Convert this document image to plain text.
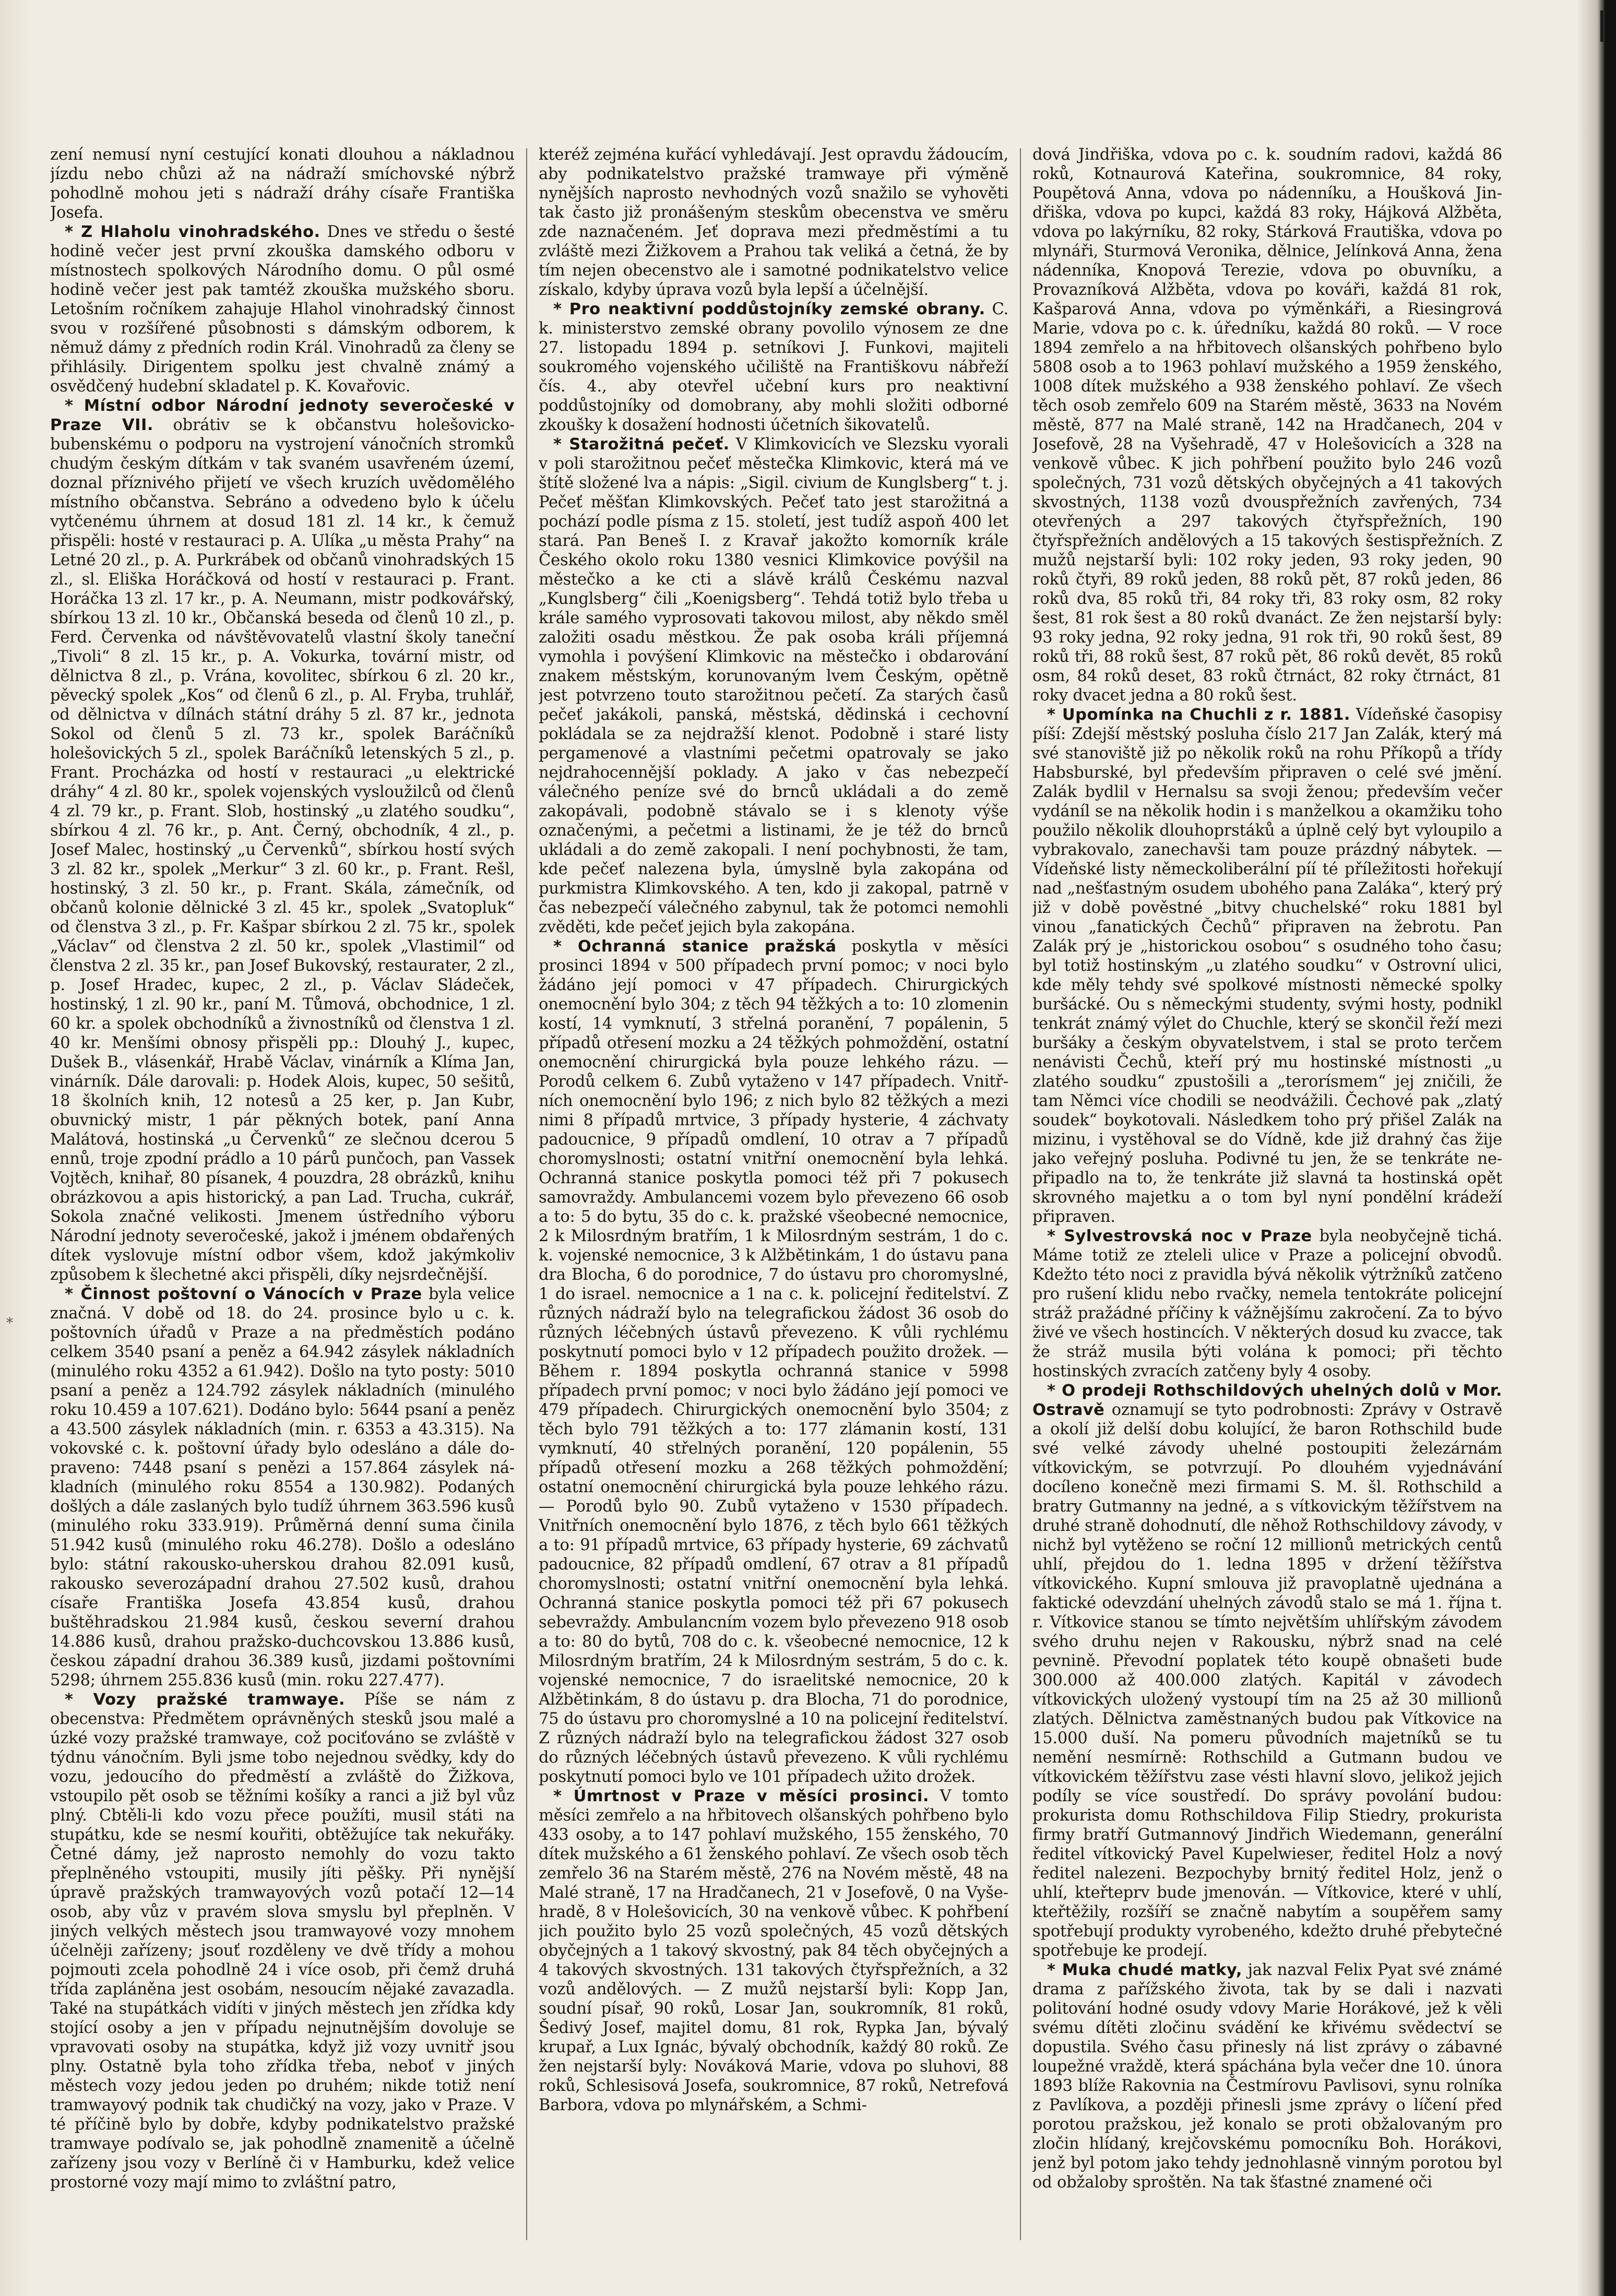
*

zení nemusí nyní cestující konati dlouhou a nákladnou jízdu nebo chůzi až na nádraží smíchovské nýbrž pohodlně mohou jeti s nádraží dráhy císaře Františka Josefa.

* Z Hlaholu vinohradského. Dnes ve středu o šesté hodině večer jest první zkouška damského odboru v místnostech spolkových Národního domu. O půl osmé hodině večer jest pak tamtéž zkouška mužského sboru. Letošním ročníkem zahajuje Hlahol vinohradský činnost svou v rozšířené působnosti s dámským odborem, k němuž dámy z předních rodin Král. Vinohradů za členy se přihlásily. Dirigentem spolku jest chvalně známý a osvědčený hudební skladatel p. K. Kovařovic.

* Místní odbor Národní jednoty severočeské v Praze VII. obrátiv se k občanstvu holešovicko-bubenskému o podporu na vystrojení vánočních stromků chudým českým dítkám v tak svaném usavřeném území, doznal příznivého přijetí ve všech kruzích uvědomělého místního občanstva. Sebráno a odvedeno bylo k účelu vytčenému úhrnem at dosud 181 zl. 14 kr., k čemuž přispěli: hosté v restauraci p. A. Ulíka „u města Prahy“ na Letné 20 zl., p. A. Purkrábek od občanů vinohradských 15 zl., sl. Eliška Horáčková od hostí v restauraci p. Frant. Horáčka 13 zl. 17 kr., p. A. Neumann, mistr podkovářský, sbírkou 13 zl. 10 kr., Občanská beseda od členů 10 zl., p. Ferd. Červenka od návštěvovatelů vlastní školy taneční „Tivoli“ 8 zl. 15 kr., p. A. Vokurka, tovární mistr, od dělnictva 8 zl., p. Vrána, kovolitec, sbírkou 6 zl. 20 kr., pěvecký spolek „Kos“ od členů 6 zl., p. Al. Fryba, truhlář, od dělnictva v dílnách státní dráhy 5 zl. 87 kr., jednota Sokol od členů 5 zl. 73 kr., spolek Baráčníků holešovických 5 zl., spolek Baráčníků letenských 5 zl., p. Frant. Procházka od hostí v restauraci „u elektrické dráhy“ 4 zl. 80 kr., spolek vojenských vysloužilců od členů 4 zl. 79 kr., p. Frant. Slob, hostinský „u zlatého soudku“, sbírkou 4 zl. 76 kr., p. Ant. Černý, obchodník, 4 zl., p. Josef Malec, hostinský „u Červenků“, sbírkou hostí svých 3 zl. 82 kr., spolek „Merkur“ 3 zl. 60 kr., p. Frant. Rešl, hostinský, 3 zl. 50 kr., p. Frant. Skála, zámečník, od občanů kolonie dělnické 3 zl. 45 kr., spolek „Svatopluk“ od členstva 3 zl., p. Fr. Kašpar sbírkou 2 zl. 75 kr., spolek „Václav“ od členstva 2 zl. 50 kr., spolek „Vlastimil“ od členstva 2 zl. 35 kr., pan Josef Bukovský, restaurater, 2 zl., p. Josef Hradec, kupec, 2 zl., p. Václav Sládeček, hostinský, 1 zl. 90 kr., paní M. Tůmová, obchodnice, 1 zl. 60 kr. a spolek obchodníků a živnostníků od členstva 1 zl. 40 kr. Menšími obnosy přispěli pp.: Dlouhý J., kupec, Dušek B., vlásenkář, Hrabě Václav, vinárník a Klíma Jan, vinárník. Dále darovali: p. Hodek Alois, kupec, 50 sešitů, 18 školních knih, 12 notesů a 25 ker, p. Jan Kubr, obuvnický mistr, 1 pár pěkných botek, paní Anna Malátová, hostinská „u Červenků“ ze slečnou dcerou 5 ennů, troje zpodní prádlo a 10 párů punčoch, pan Vassek Vojtěch, knihař, 80 písanek, 4 pouzdra, 28 obrázků, knihu obrázkovou a apis historický, a pan Lad. Trucha, cukrář, Sokola značné velikosti. Jmenem ústředního výboru Národní jednoty severočeské, jakož i jménem obdařených dítek vyslovuje místní odbor všem, kdož jakýmkoliv způsobem k šlechetné akci přispěli, díky nejsrdečnější.

* Činnost poštovní o Vánocích v Praze byla velice značná. V době od 18. do 24. prosince bylo u c. k. poštovních úřadů v Praze a na předměstích podáno celkem 3540 psaní a peněz a 64.942 zásylek nákladních (minulého roku 4352 a 61.942). Došlo na tyto posty: 5010 psaní a peněz a 124.792 zásylek nákladních (minulého roku 10.459 a 107.621). Dodáno bylo: 5644 psaní a peněz a 43.500 zásylek nákladních (min. r. 6353 a 43.315). Na vokovské c. k. poštovní úřady bylo odesláno a dále dopraveno: 7448 psaní s penězi a 157.864 zásylek nákladních (minulého roku 8554 a 130.982). Podaných došlých a dále zaslaných bylo tudíž úhrnem 363.596 kusů (minulého roku 333.919). Průměrná denní suma činila 51.942 kusů (minulého roku 46.278). Došlo a odesláno bylo: státní rakousko-uherskou drahou 82.091 kusů, rakousko severozápadní drahou 27.502 kusů, drahou císaře Františka Josefa 43.854 kusů, drahou buštěhradskou 21.984 kusů, českou severní drahou 14.886 kusů, drahou pražsko-duchcovskou 13.886 kusů, českou západní drahou 36.389 kusů, jizdami poštovními 5298; úhrnem 255.836 kusů (min. roku 227.477).

* Vozy pražské tramwaye. Píše se nám z obecenstva: Předmětem oprávněných stesků jsou malé a úzké vozy pražské tramwaye, což pociťováno se zvláště v týdnu vánočním. Byli jsme tobo nejednou svědky, kdy do vozu, jedoucího do předměstí a zvláště do Žižkova, vstoupilo pět osob se těžními košíky a ranci a již byl vůz plný. Cbtěli-li kdo vozu přece použíti, musil státi na stupátku, kde se nesmí kouřiti, obtěžujíce tak nekuřáky. Četné dámy, jež naprosto nemohly do vozu takto přeplněného vstoupiti, musily jíti pěšky. Při nynější úpravě pražských tramwayových vozů potačí 12—14 osob, aby vůz v pravém slova smyslu byl přeplněn. V jiných velkých městech jsou tramwayové vozy mnohem účelněji zařízeny; jsouť rozděleny ve dvě třídy a mohou pojmouti zcela pohodlně 24 i více osob, při čemž druhá třída zapláněna jest osobám, nesoucím nějaké zavazadla. Také na stupátkách vidíti v jiných městech jen zřídka kdy stojící osoby a jen v případu nejnutnějším dovoluje se vpravovati osoby na stupátka, když již vozy uvnitř jsou plny. Ostatně byla toho zřídka třeba, neboť v jiných městech vozy jedou jeden po druhém; nikde totiž není tramwayový podnik tak chudičký na vozy, jako v Praze. V té příčině bylo by dobře, kdyby podnikatelstvo pražské tramwaye podívalo se, jak pohodlně znamenitě a účelně zařízeny jsou vozy v Berlíně či v Hamburku, kdež velice prostorné vozy mají mimo to zvláštní patro,

kteréž zejména kuřácí vyhledávají. Jest opravdu žádoucím, aby podnikatelstvo pražské tramwaye při výměně nynějších naprosto nevhodných vozů snažilo se vyhověti tak často již pronášeným steskům obecenstva ve směru zde naznačeném. Jeť doprava mezi předměstími a tu zvláště mezi Žižkovem a Prahou tak veliká a četná, že by tím nejen obecenstvo ale i samotné podnikatelstvo velice získalo, kdyby úprava vozů byla lepší a účelnější.

* Pro neaktivní poddůstojníky zemské obrany. C. k. ministerstvo zemské obrany povolilo výnosem ze dne 27. listopadu 1894 p. setníkovi J. Funkovi, majiteli soukromého vojenského učiliště na Františkovu nábřeží čís. 4., aby otevřel učební kurs pro neaktivní poddůstojníky od domobrany, aby mohli složiti odborné zkoušky k dosažení hodnosti účetních šikovatelů.

* Starožitná pečeť. V Klimkovicích ve Slezsku vyorali v poli starožitnou pečeť městečka Klimkovic, která má ve štítě složené lva a nápis: „Sigil. civium de Kunglsberg“ t. j. Pečeť měšťan Klimkovských. Pečeť tato jest starožitná a pochází podle písma z 15. století, jest tudíž aspoň 400 let stará. Pan Beneš I. z Kravař jakožto komorník krále Českého okolo roku 1380 vesnici Klimkovice povýšil na městečko a ke cti a slávě králů Českému nazval „Kunglsberg“ čili „Koenigsberg“. Tehdá totiž bylo třeba u krále samého vyprosovati takovou milost, aby někdo směl založiti osadu městkou. Že pak osoba králi příjemná vymohla i povýšení Klimkovic na městečko i obdarování znakem městským, korunovaným lvem Českým, opětně jest potvrzeno touto starožitnou pečetí. Za starých časů pečeť jakákoli, panská, městská, dědinská i cechovní pokládala se za nejdražší klenot. Podobně i staré listy pergamenové a vlastními pečetmi opatrovaly se jako nejdrahocennější poklady. A jako v čas nebezpečí válečného peníze své do brnců ukládali a do země zakopávali, podobně stávalo se i s klenoty výše označenými, a pečetmi a listinami, že je též do brnců ukládali a do země zakopali. I není pochybnosti, že tam, kde pečeť nalezena byla, úmyslně byla zakopána od purkmistra Klimkovského. A ten, kdo ji zakopal, patrně v čas nebezpečí válečného zabynul, tak že potomci nemohli zvěděti, kde pečeť jejich byla zakopána.

* Ochranná stanice pražská poskytla v měsíci prosinci 1894 v 500 případech první pomoc; v noci bylo žádáno její pomoci v 47 případech. Chirurgických onemocnění bylo 304; z těch 94 těžkých a to: 10 zlomenin kostí, 14 vymknutí, 3 střelná poranění, 7 popálenin, 5 případů otřesení mozku a 24 těžkých pohmoždění, ostatní onemocnění chirurgická byla pouze lehkého rázu. — Porodů celkem 6. Zubů vytaženo v 147 případech. Vnitřních onemocnění bylo 196; z nich bylo 82 těžkých a mezi nimi 8 případů mrtvice, 3 případy hysterie, 4 záchvaty padoucnice, 9 případů omdlení, 10 otrav a 7 případů choromyslnosti; ostatní vnitřní onemocnění byla lehká. Ochranná stanice poskytla pomoci též při 7 pokusech samovraždy. Ambulancemi vozem bylo převezeno 66 osob a to: 5 do bytu, 35 do c. k. pražské všeobecné nemocnice, 2 k Milosrdným bratřím, 1 k Milosrdným sestrám, 1 do c. k. vojenské nemocnice, 3 k Alžbětinkám, 1 do ústavu pana dra Blocha, 6 do porodnice, 7 do ústavu pro choromyslné, 1 do israel. nemocnice a 1 na c. k. policejní ředitelství. Z různých nádraží bylo na telegrafickou žádost 36 osob do různých léčebných ústavů převezeno. K vůli rychlému poskytnutí pomoci bylo v 12 případech použito drožek. — Během r. 1894 poskytla ochranná stanice v 5998 případech první pomoc; v noci bylo žádáno její pomoci ve 479 případech. Chirurgických onemocnění bylo 3504; z těch bylo 791 těžkých a to: 177 zlámanin kostí, 131 vymknutí, 40 střelných poranění, 120 popálenin, 55 případů otřesení mozku a 268 těžkých pohmoždění; ostatní onemocnění chirurgická byla pouze lehkého rázu. — Porodů bylo 90. Zubů vytaženo v 1530 případech. Vnitřních onemocnění bylo 1876, z těch bylo 661 těžkých a to: 91 případů mrtvice, 63 případy hysterie, 69 záchvatů padoucnice, 82 případů omdlení, 67 otrav a 81 případů choromyslnosti; ostatní vnitřní onemocnění byla lehká. Ochranná stanice poskytla pomoci též při 67 pokusech sebevraždy. Ambulancním vozem bylo převezeno 918 osob a to: 80 do bytů, 708 do c. k. všeobecné nemocnice, 12 k Milosrdným bratřím, 24 k Milosrdným sestrám, 5 do c. k. vojenské nemocnice, 7 do israelitské nemocnice, 20 k Alžbětinkám, 8 do ústavu p. dra Blocha, 71 do porodnice, 75 do ústavu pro choromyslné a 10 na policejní ředitelství. Z různých nádraží bylo na telegrafickou žádost 327 osob do různých léčebných ústavů převezeno. K vůli rychlému poskytnutí pomoci bylo ve 101 případech užito drožek.

* Úmrtnost v Praze v měsíci prosinci. V tomto měsíci zemřelo a na hřbitovech olšanských pohřbeno bylo 433 osoby, a to 147 pohlaví mužského, 155 ženského, 70 dítek mužského a 61 ženského pohlaví. Ze všech osob těch zemřelo 36 na Starém městě, 276 na Novém městě, 48 na Malé straně, 17 na Hradčanech, 21 v Josefově, 0 na Vyšehradě, 8 v Holešovicích, 30 na venkově vůbec. K pohřbení jich použito bylo 25 vozů společných, 45 vozů dětských obyčejných a 1 takový skvostný, pak 84 těch obyčejných a 4 takových skvostných. 131 takových čtyřspřežních, a 32 vozů andělových. — Z mužů nejstarší byli: Kopp Jan, soudní písař, 90 roků, Losar Jan, soukromník, 81 roků, Šedivý Josef, majitel domu, 81 rok, Rypka Jan, bývalý krupař, a Lux Ignác, bývalý obchodník, každý 80 roků. Ze žen nejstarší byly: Nováková Marie, vdova po sluhovi, 88 roků, Schlesisová Josefa, soukromnice, 87 roků, Netrefová Barbora, vdova po mlynářském, a Schmi-

dová Jindřiška, vdova po c. k. soudním radovi, každá 86 roků, Kotnaurová Kateřina, soukromnice, 84 roky, Poupětová Anna, vdova po nádenníku, a Houšková Jindřiška, vdova po kupci, každá 83 roky, Hájková Alžběta, vdova po lakýrníku, 82 roky, Stárková Frautiška, vdova po mlynáři, Sturmová Veronika, dělnice, Jelínková Anna, žena nádenníka, Knopová Terezie, vdova po obuvníku, a Provazníková Alžběta, vdova po kováři, každá 81 rok, Kašparová Anna, vdova po výměnkáři, a Riesingrová Marie, vdova po c. k. úředníku, každá 80 roků. — V roce 1894 zemřelo a na hřbitovech olšanských pohřbeno bylo 5808 osob a to 1963 pohlaví mužského a 1959 ženského, 1008 dítek mužského a 938 ženského pohlaví. Ze všech těch osob zemřelo 609 na Starém městě, 3633 na Novém městě, 877 na Malé straně, 142 na Hradčanech, 204 v Josefově, 28 na Vyšehradě, 47 v Holešovicích a 328 na venkově vůbec. K jich pohřbení použito bylo 246 vozů společných, 731 vozů dětských obyčejných a 41 takových skvostných, 1138 vozů dvouspřežních zavřených, 734 otevřených a 297 takových čtyřspřežních, 190 čtyřspřežních andělových a 15 takových šestispřežních. Z mužů nejstarší byli: 102 roky jeden, 93 roky jeden, 90 roků čtyři, 89 roků jeden, 88 roků pět, 87 roků jeden, 86 roků dva, 85 roků tři, 84 roky tři, 83 roky osm, 82 roky šest, 81 rok šest a 80 roků dvanáct. Ze žen nejstarší byly: 93 roky jedna, 92 roky jedna, 91 rok tři, 90 roků šest, 89 roků tři, 88 roků šest, 87 roků pět, 86 roků devět, 85 roků osm, 84 roků deset, 83 roků čtrnáct, 82 roky čtrnáct, 81 roky dvacet jedna a 80 roků šest.

* Upomínka na Chuchli z r. 1881. Vídeňské časopisy píší: Zdejší městský posluha číslo 217 Jan Zalák, který má své stanoviště již po několik roků na rohu Příkopů a třídy Habsburské, byl především připraven o celé své jmění. Zalák bydlil v Hernalsu sa svoji ženou; především večer vydáníl se na několik hodin i s manželkou a okamžiku toho použilo několik dlouhoprstáků a úplně celý byt vyloupilo a vybrakovalo, zanechavši tam pouze prázdný nábytek. — Vídeňské listy německoliberální píí té příležitosti hořekují nad „nešťastným osudem ubohého pana Zaláka“, který prý již v době pověstné „bitvy chuchelské“ roku 1881 byl vinou „fanatických Čechů“ připraven na žebrotu. Pan Zalák prý je „historickou osobou“ s osudného toho času; byl totiž hostinským „u zlatého soudku“ v Ostrovní ulici, kde měly tehdy své spolkové místnosti německé spolky buršácké. Ou s německými studenty, svými hosty, podnikl tenkrát známý výlet do Chuchle, který se skončil řeží mezi buršáky a českým obyvatelstvem, i stal se proto terčem nenávisti Čechů, kteří prý mu hostinské místnosti „u zlatého soudku“ zpustošili a „terorísmem“ jej zničili, že tam Němci více chodili se neodvážili. Čechové pak „zlatý soudek“ boykotovali. Následkem toho prý přišel Zalák na mizinu, i vystěhoval se do Vídně, kde již drahný čas žije jako veřejný posluha. Podivné tu jen, že se tenkráte nepřipadlo na to, že tenkráte již slavná ta hostinská opět skrovného majetku a o tom byl nyní pondělní krádeží připraven.

* Sylvestrovská noc v Praze byla neobyčejně tichá. Máme totiž ze zteleli ulice v Praze a policejní obvodů. Kdežto této noci z pravidla bývá několik výtržníků zatčeno pro rušení klidu nebo rvačky, nemela tentokráte policejní stráž pražádné příčiny k vážnějšímu zakročení. Za to bývo živé ve všech hostincích. V některých dosud ku zvacce, tak že stráž musila býti volána k pomoci; při těchto hostinských zvracích zatčeny byly 4 osoby.

* O prodeji Rothschildových uhelných dolů v Mor. Ostravě oznamují se tyto podrobnosti: Zprávy v Ostravě a okolí již delší dobu kolující, že baron Rothschild bude své velké závody uhelné postoupiti železárnám vítkovickým, se potvrzují. Po dlouhém vyjednávání docíleno konečně mezi firmami S. M. šl. Rothschild a bratry Gutmanny na jedné, a s vítkovickým těžířstvem na druhé straně dohodnutí, dle něhož Rothschildovy závody, v nichž byl vytěženo se roční 12 millionů metrických centů uhlí, přejdou do 1. ledna 1895 v držení těžířstva vítkovického. Kupní smlouva již pravoplatně ujednána a faktické odevzdání uhelných závodů stalo se má 1. října t. r. Vítkovice stanou se tímto největším uhlířským závodem svého druhu nejen v Rakousku, nýbrž snad na celé pevnině. Převodní poplatek této koupě obnašeti bude 300.000 až 400.000 zlatých. Kapitál v závodech vítkovických uložený vystoupí tím na 25 až 30 millionů zlatých. Dělnictva zaměstnaných budou pak Vítkovice na 15.000 duší. Na pomeru původních majetníků se tu nemění nesmírně: Rothschild a Gutmann budou ve vítkovickém těžířstvu zase vésti hlavní slovo, jelikož jejich podíly se více soustředí. Do správy povolání budou: prokurista domu Rothschildova Filip Stiedry, prokurista firmy bratří Gutmannový Jindřich Wiedemann, generální ředitel vítkovický Pavel Kupelwieser, ředitel Holz a nový ředitel nalezeni. Bezpochyby brnitý ředitel Holz, jenž o uhlí, kteřteprv bude jmenován. — Vítkovice, které v uhlí, kteřtěžily, rozšíří se značně nabytím a soupěřem samy spotřebují produkty vyrobeného, kdežto druhé přebytečné spotřebuje ke prodejí.

* Muka chudé matky, jak nazval Felix Pyat své známé drama z pařížského života, tak by se dali i nazvati politování hodné osudy vdovy Marie Horákové, jež k věli svému dítěti zločinu svádění ke křivému svědectví se dopustila. Svého času přinesly ná list zprávy o zábavné loupežné vraždě, která spáchána byla večer dne 10. února 1893 blíže Rakovnia na Čestmírovu Pavlisovi, synu rolníka z Pavlíkova, a později přinesli jsme zprávy o líčení před porotou pražskou, jež konalo se proti obžalovaným pro zločin hlídaný, krejčovskému pomocníku Boh. Horákovi, jenž byl potom jako tehdy jednohlasně vinným porotou byl od obžaloby sproštěn. Na tak šťastné znamené oči
